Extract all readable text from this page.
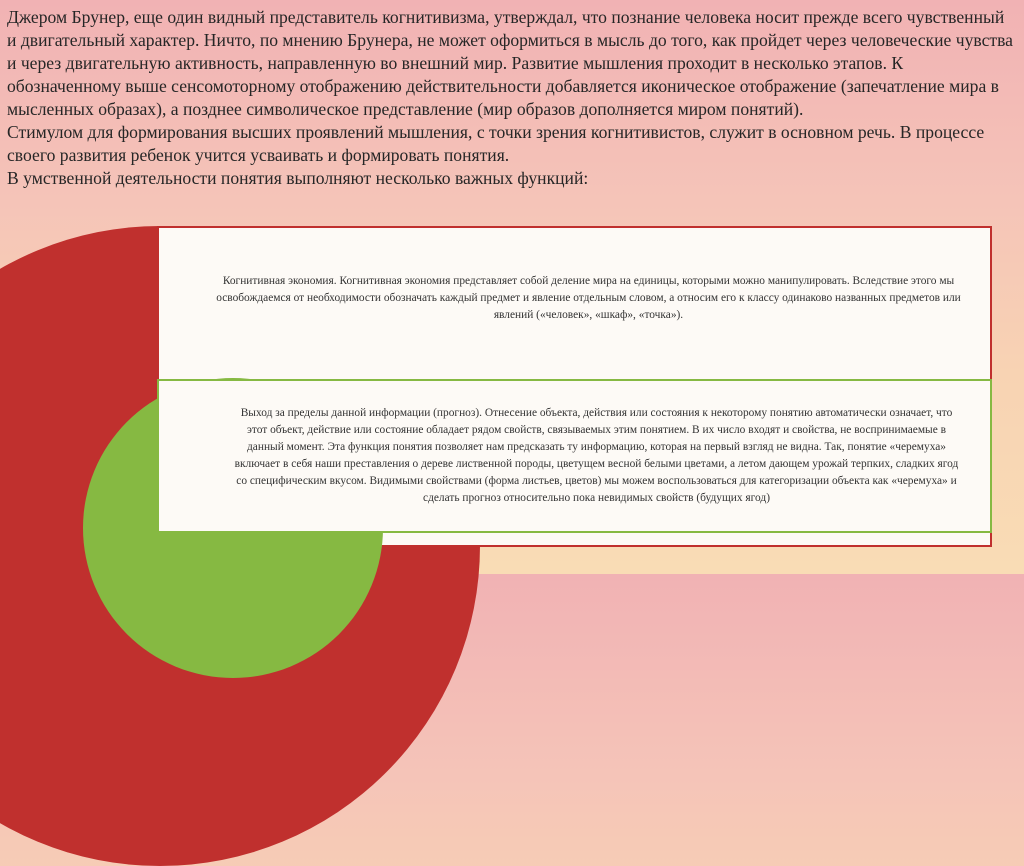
Джером Брунер, еще один видный представитель когнитивизма, утверждал, что познание человека носит прежде всего чувственный и двигательный характер. Ничто, по мнению Брунера, не может оформиться в мысль до того, как пройдет через человеческие чувства и через двигательную активность, направленную во внешний мир. Развитие мышления проходит в несколько этапов. К обозначенному выше сенсомоторному отображению действительности добавляется иконическое отображение (запечатление мира в мысленных образах), а позднее символическое представление (мир образов дополняется миром понятий).

Стимулом для формирования высших проявлений мышления, с точки зрения когнитивистов, служит в основном речь. В процессе своего развития ребенок учится усваивать и формировать понятия.

В умственной деятельности понятия выполняют несколько важных функций:

Когнитивная экономия. Когнитивная экономия представляет собой деление мира на единицы, которыми можно манипулировать. Вследствие этого мы освобождаемся от необходимости обозначать каждый предмет и явление отдельным словом, а относим его к классу одинаково названных предметов или явлений («человек», «шкаф», «точка»).
Выход за пределы данной информации (прогноз). Отнесение объекта, действия или состояния к некоторому понятию автоматически означает, что этот объект, действие или состояние обладает рядом свойств, связываемых этим понятием. В их число входят и свойства, не воспринимаемые в данный момент. Эта функция понятия позволяет нам предсказать ту информацию, которая на первый взгляд не видна. Так, понятие «черемуха» включает в себя наши преставления о дереве лиственной породы, цветущем весной белыми цветами, а летом дающем урожай терпких, сладких ягод со специфическим вкусом. Видимыми свойствами (форма листьев, цветов) мы можем воспользоваться для категоризации объекта как «черемуха» и сделать прогноз относительно пока невидимых свойств (будущих ягод)
